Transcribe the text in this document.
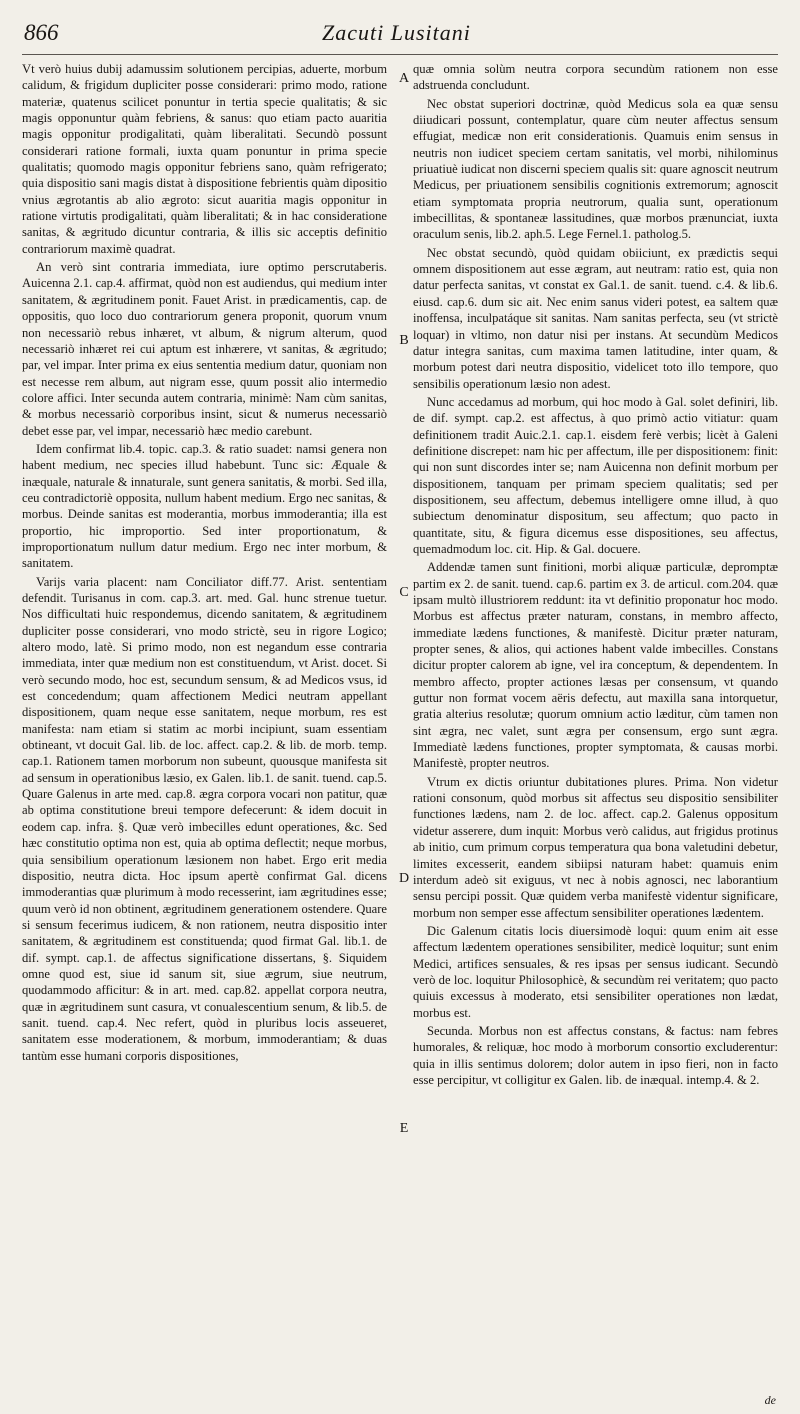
866	Zacuti Lusitani

Vt verò huius dubij adamussim solutionem percipias, aduerte, morbum calidum, & frigidum dupliciter posse considerari: primo modo, ratione materiæ, quatenus scilicet ponuntur in tertia specie qualitatis; & sic magis opponuntur quàm febriens, & sanus: quo etiam pacto auaritia magis opponitur prodigalitati, quàm liberalitati. Secundò possunt considerari ratione formali, iuxta quam ponuntur in prima specie qualitatis; quomodo magis opponitur febriens sano, quàm refrigerato; quia dispositio sani magis distat à dispositione febrientis quàm dipositio vnius ægrotantis ab alio ægroto: sicut auaritia magis opponitur in ratione virtutis prodigalitati, quàm liberalitati; & in hac consideratione sanitas, & ægritudo dicuntur contraria, & illis sic acceptis definitio contrariorum maximè quadrat.

An verò sint contraria immediata, iure optimo perscrutaberis. Auicenna 2.1. cap.4. affirmat, quòd non est audiendus, qui medium inter sanitatem, & ægritudinem ponit. Fauet Arist. in prædicamentis, cap. de oppositis, quo loco duo contrariorum genera proponit, quorum vnum non necessariò rebus inhæret, vt album, & nigrum alterum, quod necessariò inhæret rei cui aptum est inhærere, vt sanitas, & ægritudo; par, vel impar. Inter prima ex eius sententia medium datur, quoniam non est necesse rem album, aut nigram esse, quum possit alio intermedio colore affici. Inter secunda autem contraria, minimè: Nam cùm sanitas, & morbus necessariò corporibus insint, sicut & numerus necessariò debet esse par, vel impar, necessariò hæc medio carebunt.

Idem confirmat lib.4. topic. cap.3. & ratio suadet: namsi genera non habent medium, nec species illud habebunt. Tunc sic: Æquale & inæquale, naturale & innaturale, sunt genera sanitatis, & morbi. Sed illa, ceu contradictoriè opposita, nullum habent medium. Ergo nec sanitas, & morbus. Deinde sanitas est moderantia, morbus immoderantia; illa est proportio, hic improportio. Sed inter proportionatum, & improportionatum nullum datur medium. Ergo nec inter morbum, & sanitatem.

Varijs varia placent: nam Conciliator diff.77. Arist. sententiam defendit. Turisanus in com. cap.3. art. med. Gal. hunc strenue tuetur. Nos difficultati huic respondemus, dicendo sanitatem, & ægritudinem dupliciter posse considerari, vno modo strictè, seu in rigore Logico; altero modo, latè. Si primo modo, non est negandum esse contraria immediata, inter quæ medium non est constituendum, vt Arist. docet. Si verò secundo modo, hoc est, secundum sensum, & ad Medicos vsus, id est concedendum; quam affectionem Medici neutram appellant dispositionem, quam neque esse sanitatem, neque morbum, res est manifesta: nam etiam si statim ac morbi incipiunt, suam essentiam obtineant, vt docuit Gal. lib. de loc. affect. cap.2. & lib. de morb. temp. cap.1. Rationem tamen morborum non subeunt, quousque manifesta sit ad sensum in operationibus læsio, ex Galen. lib.1. de sanit. tuend. cap.5. Quare Galenus in arte med. cap.8. ægra corpora vocari non patitur, quæ ab optima constitutione breui tempore defecerunt: & idem docuit in eodem cap. infra. §. Quæ verò imbecilles edunt operationes, &c. Sed hæc constitutio optima non est, quia ab optima deflectit; neque morbus, quia sensibilium operationum læsionem non habet. Ergo erit media dispositio, neutra dicta. Hoc ipsum apertè confirmat Gal. dicens immoderantias quæ plurimum à modo recesserint, iam ægritudines esse; quum verò id non obtinent, ægritudinem generationem ostendere. Quare si sensum fecerimus iudicem, & non rationem, neutra dispositio inter sanitatem, & ægritudinem est constituenda; quod firmat Gal. lib.1. de dif. sympt. cap.1. de affectus significatione dissertans, §. Siquidem omne quod est, siue id sanum sit, siue ægrum, siue neutrum, quodammodo afficitur: & in art. med. cap.82. appellat corpora neutra, quæ in ægritudinem sunt casura, vt conualescentium senum, & lib.5. de sanit. tuend. cap.4. Nec refert, quòd in pluribus locis asseueret, sanitatem esse moderationem, & morbum, immoderantiam; & duas tantùm esse humani corporis dispositiones,

quæ omnia solùm neutra corpora secundùm rationem non esse adstruenda concludunt.

Nec obstat superiori doctrinæ, quòd Medicus sola ea quæ sensu diiudicari possunt, contemplatur, quare cùm neuter affectus sensum effugiat, medicæ non erit considerationis. Quamuis enim sensus in neutris non iudicet speciem certam sanitatis, vel morbi, nihilominus priuatiuè iudicat non discerni speciem qualis sit: quare agnoscit neutrum Medicus, per priuationem sensibilis cognitionis extremorum; agnoscit etiam symptomata propria neutrorum, qualia sunt, operationum imbecillitas, & spontaneæ lassitudines, quæ morbos prænunciat, iuxta oraculum senis, lib.2. aph.5. Lege Fernel.1. patholog.5.

Nec obstat secundò, quòd quidam obiiciunt, ex prædictis sequi omnem dispositionem aut esse ægram, aut neutram: ratio est, quia non datur perfecta sanitas, vt constat ex Gal.1. de sanit. tuend. c.4. & lib.6. eiusd. cap.6. dum sic ait. Nec enim sanus videri potest, ea saltem quæ inoffensa, inculpatáque sit sanitas. Nam sanitas perfecta, seu (vt strictè loquar) in vltimo, non datur nisi per instans. At secundùm Medicos datur integra sanitas, cum maxima tamen latitudine, inter quam, & morbum potest dari neutra dispositio, videlicet toto illo tempore, quo sensibilis operationum læsio non adest.

Nunc accedamus ad morbum, qui hoc modo à Gal. solet definiri, lib. de dif. sympt. cap.2. est affectus, à quo primò actio vitiatur: quam definitionem tradit Auic.2.1. cap.1. eisdem ferè verbis; licèt à Galeni definitione discrepet: nam hic per affectum, ille per dispositionem: finit: qui non sunt discordes inter se; nam Auicenna non definit morbum per dispositionem, tanquam per primam speciem qualitatis; sed per dispositionem, seu affectum, debemus intelligere omne illud, à quo subiectum denominatur dispositum, seu affectum; quo pacto in quantitate, situ, & figura dicemus esse dispositiones, seu affectus, quemadmodum loc. cit. Hip. & Gal. docuere.

Addendæ tamen sunt finitioni, morbi aliquæ particulæ, depromptæ partim ex 2. de sanit. tuend. cap.6. partim ex 3. de articul. com.204. quæ ipsam multò illustriorem reddunt: ita vt definitio proponatur hoc modo. Morbus est affectus præter naturam, constans, in membro affecto, immediate lædens functiones, & manifestè. Dicitur præter naturam, propter senes, & alios, qui actiones habent valde imbecilles. Constans dicitur propter calorem ab igne, vel ira conceptum, & dependentem. In membro affecto, propter actiones læsas per consensum, vt quando guttur non format vocem aëris defectu, aut maxilla sana intorquetur, gratia alterius resolutæ; quorum omnium actio læditur, cùm tamen non sint ægra, nec valet, sunt ægra per consensum, ergo sunt ægra. Immediatè lædens functiones, propter symptomata, & causas morbi. Manifestè, propter neutros.

Vtrum ex dictis oriuntur dubitationes plures. Prima. Non videtur rationi consonum, quòd morbus sit affectus seu dispositio sensibiliter functiones lædens, nam 2. de loc. affect. cap.2. Galenus oppositum videtur asserere, dum inquit: Morbus verò calidus, aut frigidus protinus ab initio, cum primum corpus temperatura qua bona valetudini debetur, limites excesserit, eandem sibiipsi naturam habet: quamuis enim interdum adeò sit exiguus, vt nec à nobis agnosci, nec laborantium sensu percipi possit. Quæ quidem verba manifestè videntur significare, morbum non semper esse affectum sensibiliter operationes lædentem.

Dic Galenum citatis locis diuersimodè loqui: quum enim ait esse affectum lædentem operationes sensibiliter, medicè loquitur; sunt enim Medici, artifices sensuales, & res ipsas per sensus iudicant. Secundò verò de loc. loquitur Philosophicè, & secundùm rei veritatem; quo pacto quiuis excessus à moderato, etsi sensibiliter operationes non lædat, morbus est.

Secunda. Morbus non est affectus constans, & factus: nam febres humorales, & reliquæ, hoc modo à morborum consortio excluderentur: quia in illis sentimus dolorem; dolor autem in ipso fieri, non in facto esse percipitur, vt colligitur ex Galen. lib. de inæqual. intemp.4. & 2.

A
B
C
D
E
de
